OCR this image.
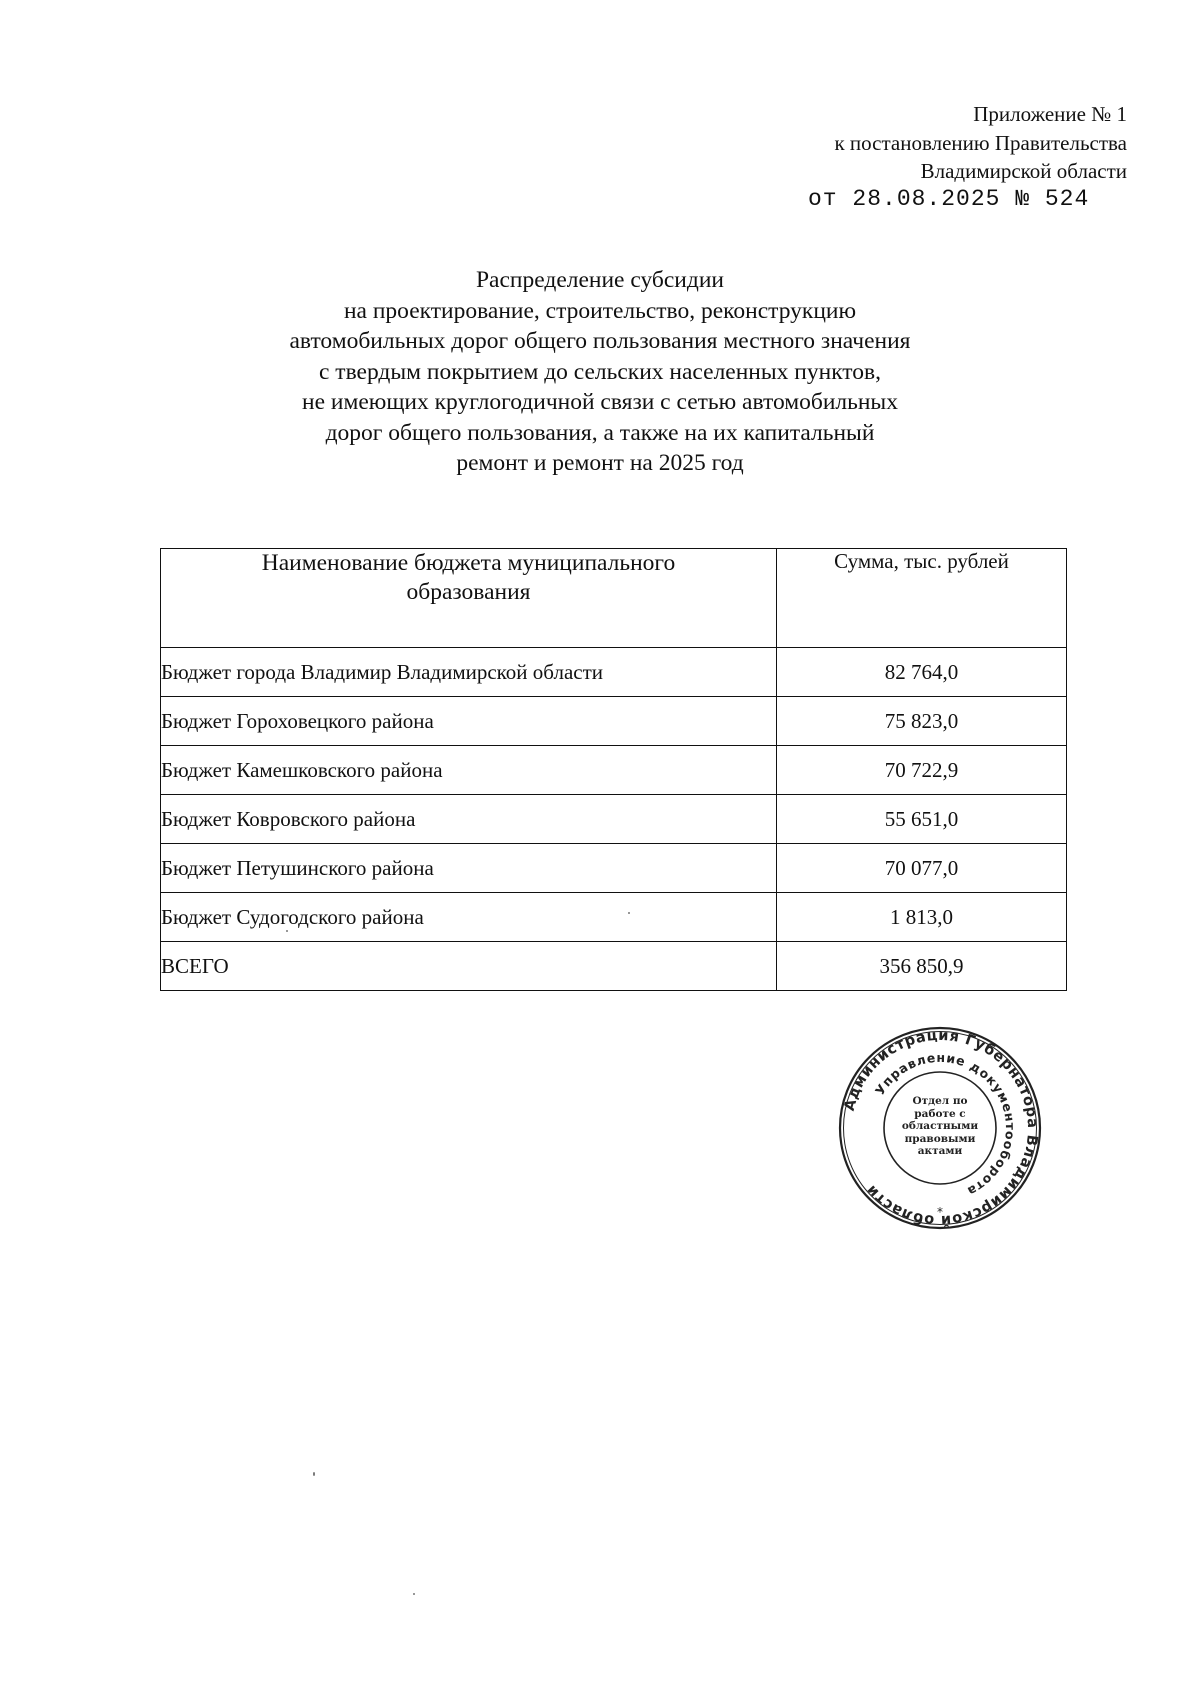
Приложение № 1
к постановлению Правительства
Владимирской области
от 28.08.2025 № 524
Распределение субсидии
на проектирование, строительство, реконструкцию
автомобильных дорог общего пользования местного значения
с твердым покрытием до сельских населенных пунктов,
не имеющих круглогодичной связи с сетью автомобильных
дорог общего пользования, а также на их капитальный
ремонт и ремонт на 2025 год
Наименование бюджета муниципального
образования	Сумма, тыс. рублей
Бюджет города Владимир Владимирской области	82 764,0
Бюджет Гороховецкого района	75 823,0
Бюджет Камешковского района	70 722,9
Бюджет Ковровского района	55 651,0
Бюджет Петушинского района	70 077,0
Бюджет Судогодского района	1 813,0
ВСЕГО	356 850,9
Администрация Губернатора Владимирской области
Управление документооборота
*
Отдел по работе с областными правовыми актами
